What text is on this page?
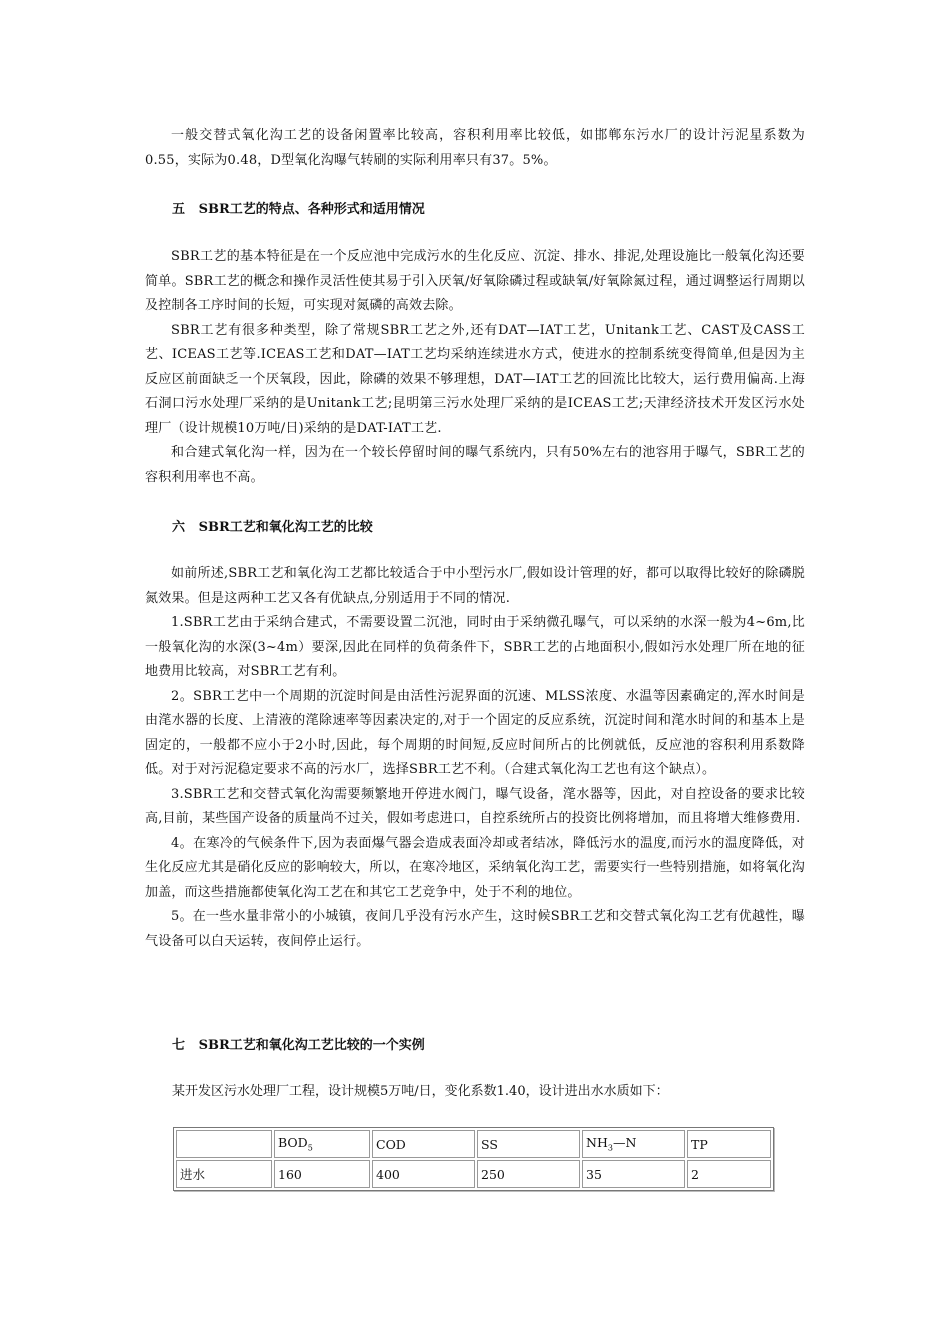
一般交替式氧化沟工艺的设备闲置率比较高，容积利用率比较低，如邯郸东污水厂的设计污泥星系数为0.55，实际为0.48，D型氧化沟曝气转刷的实际利用率只有37。5%。

五   SBR工艺的特点、各种形式和适用情况

SBR工艺的基本特征是在一个反应池中完成污水的生化反应、沉淀、排水、排泥,处理设施比一般氧化沟还要简单。SBR工艺的概念和操作灵活性使其易于引入厌氧/好氧除磷过程或缺氧/好氧除氮过程，通过调整运行周期以及控制各工序时间的长短，可实现对氮磷的高效去除。

SBR工艺有很多种类型，除了常规SBR工艺之外,还有DAT—IAT工艺，Unitank工艺、CAST及CASS工艺、ICEAS工艺等.ICEAS工艺和DAT—IAT工艺均采纳连续进水方式，使进水的控制系统变得简单,但是因为主反应区前面缺乏一个厌氧段，因此，除磷的效果不够理想，DAT—IAT工艺的回流比比较大，运行费用偏高.上海石洞口污水处理厂采纳的是Unitank工艺;昆明第三污水处理厂采纳的是ICEAS工艺;天津经济技术开发区污水处理厂（设计规模10万吨/日)采纳的是DAT-IAT工艺.

和合建式氧化沟一样，因为在一个较长停留时间的曝气系统内，只有50%左右的池容用于曝气，SBR工艺的容积利用率也不高。

六   SBR工艺和氧化沟工艺的比较

如前所述,SBR工艺和氧化沟工艺都比较适合于中小型污水厂,假如设计管理的好，都可以取得比较好的除磷脱氮效果。但是这两种工艺又各有优缺点,分别适用于不同的情况.

1.SBR工艺由于采纳合建式，不需要设置二沉池，同时由于采纳微孔曝气，可以采纳的水深一般为4~6m,比一般氧化沟的水深(3~4m）要深,因此在同样的负荷条件下，SBR工艺的占地面积小,假如污水处理厂所在地的征地费用比较高，对SBR工艺有利。

2。SBR工艺中一个周期的沉淀时间是由活性污泥界面的沉速、MLSS浓度、水温等因素确定的,浑水时间是由滗水器的长度、上清液的滗除速率等因素决定的,对于一个固定的反应系统，沉淀时间和滗水时间的和基本上是固定的，一般都不应小于2小时,因此，每个周期的时间短,反应时间所占的比例就低，反应池的容积利用系数降低。对于对污泥稳定要求不高的污水厂，选择SBR工艺不利。（合建式氧化沟工艺也有这个缺点）。

3.SBR工艺和交替式氧化沟需要频繁地开停进水阀门，曝气设备，滗水器等，因此，对自控设备的要求比较高,目前，某些国产设备的质量尚不过关，假如考虑进口，自控系统所占的投资比例将增加，而且将增大维修费用.

4。在寒冷的气候条件下,因为表面爆气器会造成表面冷却或者结冰，降低污水的温度,而污水的温度降低，对生化反应尤其是硝化反应的影响较大，所以，在寒冷地区，采纳氧化沟工艺，需要实行一些特别措施，如将氧化沟加盖，而这些措施都使氧化沟工艺在和其它工艺竞争中，处于不利的地位。

5。在一些水量非常小的小城镇，夜间几乎没有污水产生，这时候SBR工艺和交替式氧化沟工艺有优越性，曝气设备可以白天运转，夜间停止运行。

七   SBR工艺和氧化沟工艺比较的一个实例
某开发区污水处理厂工程，设计规模5万吨/日，变化系数1.40，设计进出水水质如下：
	$BOD_5$	COD	SS	$NH_3—N$	TP
进水	160	400	250	35	2
